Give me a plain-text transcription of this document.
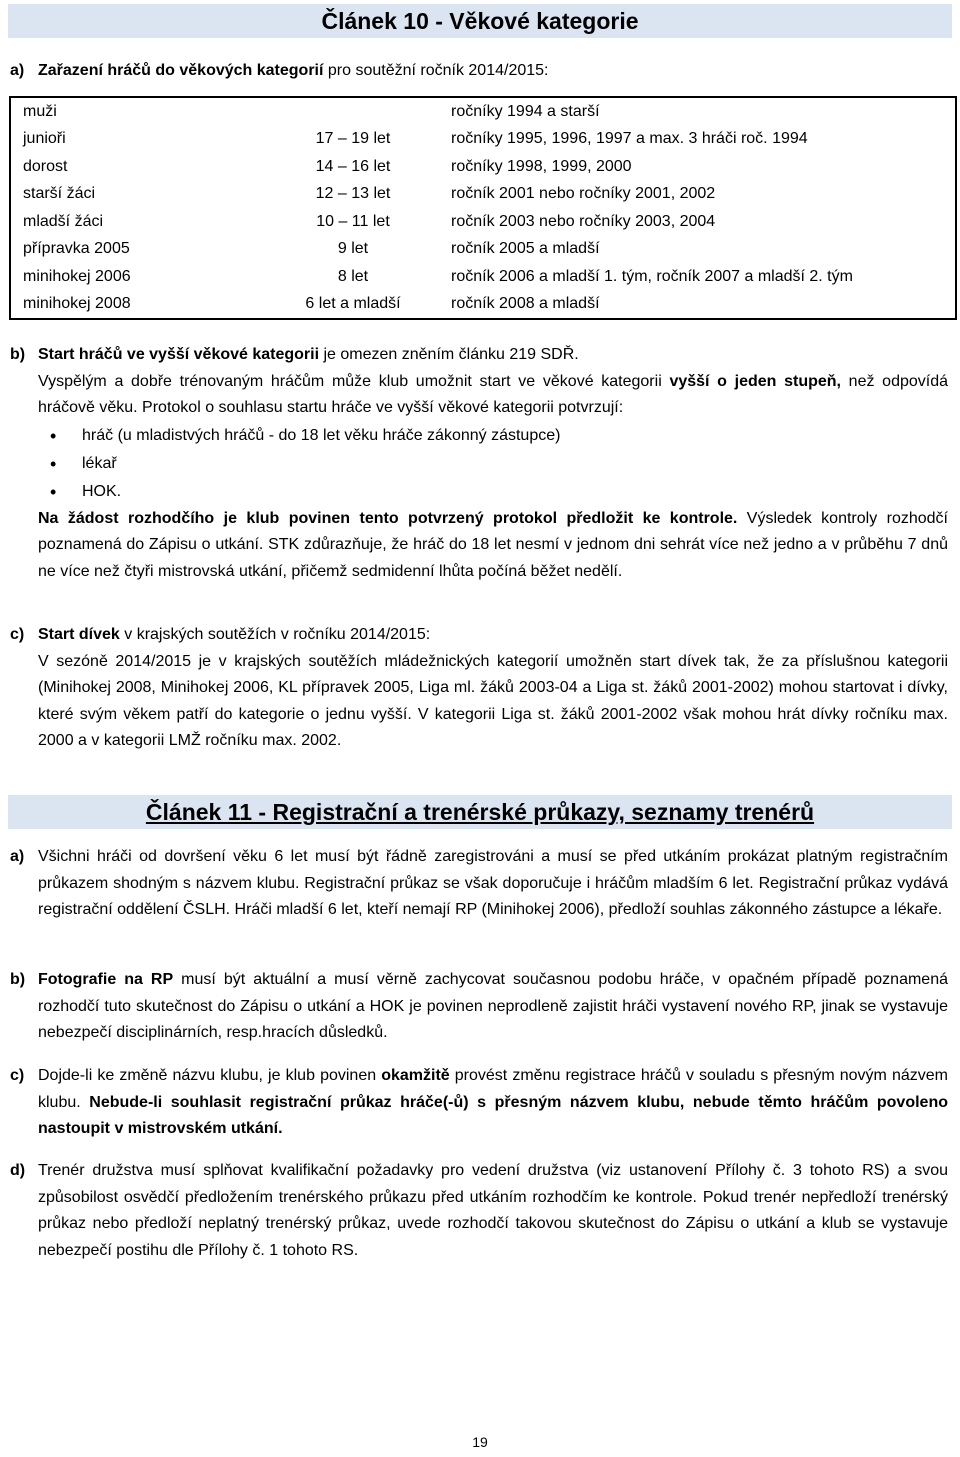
Článek 10 - Věkové kategorie
a) Zařazení hráčů do věkových kategorií pro soutěžní ročník 2014/2015:
muži		ročníky 1994 a starší
junioři	17 – 19 let	ročníky 1995, 1996, 1997 a max. 3 hráči roč. 1994
dorost	14 – 16 let	ročníky 1998, 1999, 2000
starší žáci	12 – 13 let	ročník 2001 nebo ročníky 2001, 2002
mladší žáci	10 – 11 let	ročník 2003 nebo ročníky 2003, 2004
přípravka 2005	9 let	ročník 2005 a mladší
minihokej 2006	8 let	ročník 2006 a mladší 1. tým, ročník 2007 a mladší 2. tým
minihokej 2008	6 let a mladší	ročník 2008 a mladší
b) Start hráčů ve vyšší věkové kategorii je omezen zněním článku 219 SDŘ.
Vyspělým a dobře trénovaným hráčům může klub umožnit start ve věkové kategorii vyšší o jeden stupeň, než odpovídá hráčově věku. Protokol o souhlasu startu hráče ve vyšší věkové kategorii potvrzují:
• hráč (u mladistvých hráčů - do 18 let věku hráče zákonný zástupce)
• lékař
• HOK.
Na žádost rozhodčího je klub povinen tento potvrzený protokol předložit ke kontrole. Výsledek kontroly rozhodčí poznamená do Zápisu o utkání. STK zdůrazňuje, že hráč do 18 let nesmí v jednom dni sehrát více než jedno a v průběhu 7 dnů ne více než čtyři mistrovská utkání, přičemž sedmidenní lhůta počíná běžet nedělí.
c) Start dívek v krajských soutěžích v ročníku 2014/2015:
V sezóně 2014/2015 je v krajských soutěžích mládežnických kategorií umožněn start dívek tak, že za příslušnou kategorii (Minihokej 2008, Minihokej 2006, KL přípravek 2005, Liga ml. žáků 2003-04 a Liga st. žáků 2001-2002) mohou startovat i dívky, které svým věkem patří do kategorie o jednu vyšší. V kategorii Liga st. žáků 2001-2002 však mohou hrát dívky ročníku max. 2000 a v kategorii LMŽ ročníku max. 2002.
Článek 11 - Registrační a trenérské průkazy, seznamy trenérů
a) Všichni hráči od dovršení věku 6 let musí být řádně zaregistrováni a musí se před utkáním prokázat platným registračním průkazem shodným s názvem klubu. Registrační průkaz se však doporučuje i hráčům mladším 6 let. Registrační průkaz vydává registrační oddělení ČSLH. Hráči mladší 6 let, kteří nemají RP (Minihokej 2006), předloží souhlas zákonného zástupce a lékaře.
b) Fotografie na RP musí být aktuální a musí věrně zachycovat současnou podobu hráče, v opačném případě poznamená rozhodčí tuto skutečnost do Zápisu o utkání a HOK je povinen neprodleně zajistit hráči vystavení nového RP, jinak se vystavuje nebezpečí disciplinárních, resp.hracích důsledků.
c) Dojde-li ke změně názvu klubu, je klub povinen okamžitě provést změnu registrace hráčů v souladu s přesným novým názvem klubu. Nebude-li souhlasit registrační průkaz hráče(-ů) s přesným názvem klubu, nebude těmto hráčům povoleno nastoupit v mistrovském utkání.
d) Trenér družstva musí splňovat kvalifikační požadavky pro vedení družstva (viz ustanovení Přílohy č. 3 tohoto RS) a svou způsobilost osvědčí předložením trenérského průkazu před utkáním rozhodčím ke kontrole. Pokud trenér nepředloží trenérský průkaz nebo předloží neplatný trenérský průkaz, uvede rozhodčí takovou skutečnost do Zápisu o utkání a klub se vystavuje nebezpečí postihu dle Přílohy č. 1 tohoto RS.
19
